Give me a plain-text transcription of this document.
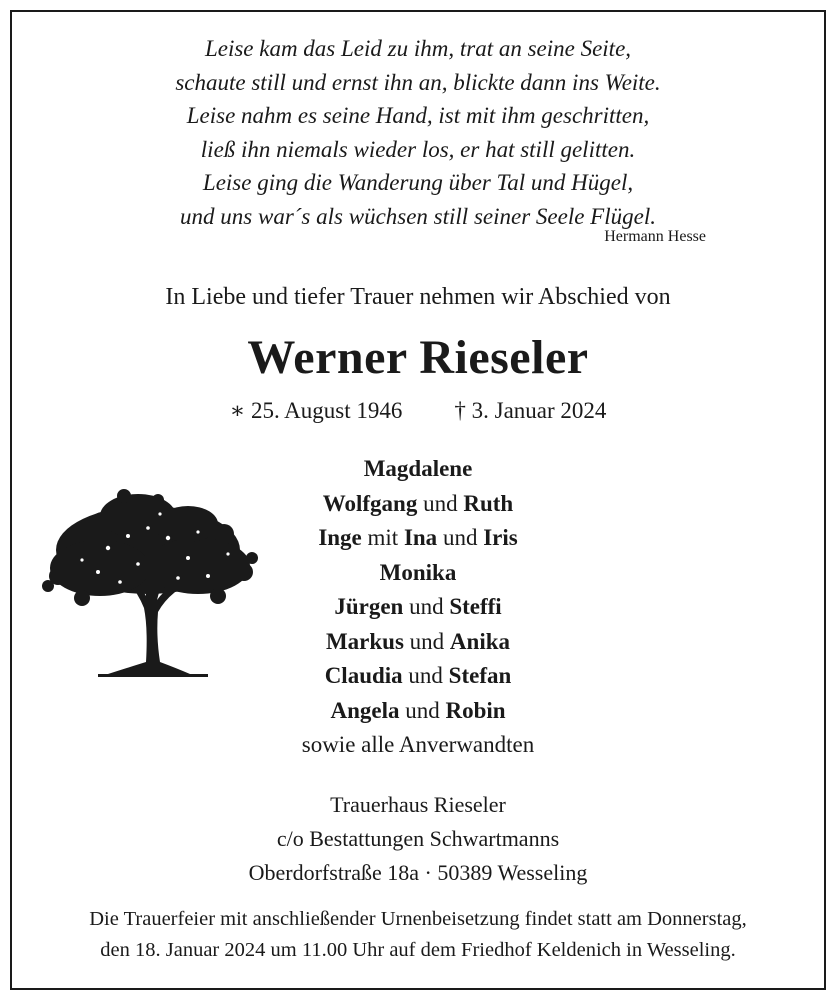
Leise kam das Leid zu ihm, trat an seine Seite,
schaute still und ernst ihn an, blickte dann ins Weite.
Leise nahm es seine Hand, ist mit ihm geschritten,
ließ ihn niemals wieder los, er hat still gelitten.
Leise ging die Wanderung über Tal und Hügel,
und uns war´s als wüchsen still seiner Seele Flügel.
Hermann Hesse
In Liebe und tiefer Trauer nehmen wir Abschied von
Werner Rieseler
∗ 25. August 1946 † 3. Januar 2024
Magdalene
Wolfgang und Ruth
Inge mit Ina und Iris
Monika
Jürgen und Steffi
Markus und Anika
Claudia und Stefan
Angela und Robin
sowie alle Anverwandten
Trauerhaus Rieseler
c/o Bestattungen Schwartmanns
Oberdorfstraße 18a · 50389 Wesseling
Die Trauerfeier mit anschließender Urnenbeisetzung findet statt am Donnerstag,
den 18. Januar 2024 um 11.00 Uhr auf dem Friedhof Keldenich in Wesseling.
